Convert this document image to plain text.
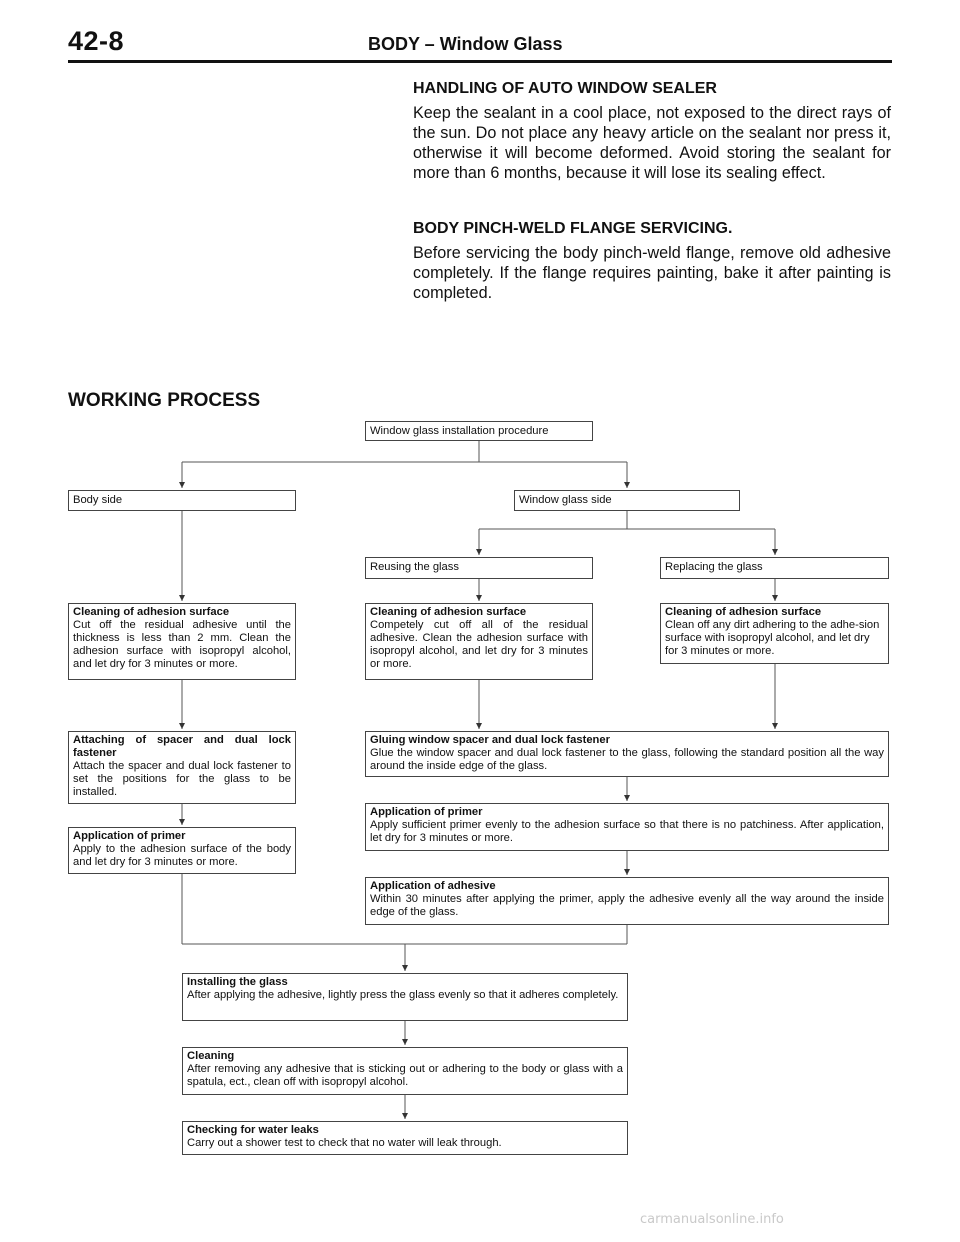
42-8	BODY – Window Glass
HANDLING OF AUTO WINDOW SEALER
Keep the sealant in a cool place, not exposed to the direct rays of the sun. Do not place any heavy article on the sealant nor press it, otherwise it will become deformed. Avoid storing the sealant for more than 6 months, because it will lose its sealing effect.
BODY PINCH-WELD FLANGE SERVICING.
Before servicing the body pinch-weld flange, remove old adhesive completely. If the flange requires painting, bake it after painting is completed.
WORKING PROCESS
Window glass installation procedure
Body side	Window glass side
Reusing the glass	Replacing the glass
Cleaning of adhesion surface
Cut off the residual adhesive until the thickness is less than 2 mm. Clean the adhesion surface with isopropyl alcohol, and let dry for 3 minutes or more.
Cleaning of adhesion surface
Competely cut off all of the residual adhesive. Clean the adhesion surface with isopropyl alcohol, and let dry for 3 minutes or more.
Cleaning of adhesion surface
Clean off any dirt adhering to the adhe-sion surface with isopropyl alcohol, and let dry for 3 minutes or more.
Attaching of spacer and dual lock fastener
Attach the spacer and dual lock fastener to set the positions for the glass to be installed.
Gluing window spacer and dual lock fastener
Glue the window spacer and dual lock fastener to the glass, following the standard position all the way around the inside edge of the glass.
Application of primer
Apply sufficient primer evenly to the adhesion surface so that there is no patchiness. After application, let dry for 3 minutes or more.
Application of primer
Apply to the adhesion surface of the body and let dry for 3 minutes or more.
Application of adhesive
Within 30 minutes after applying the primer, apply the adhesive evenly all the way around the inside edge of the glass.
Installing the glass
After applying the adhesive, lightly press the glass evenly so that it adheres completely.
Cleaning
After removing any adhesive that is sticking out or adhering to the body or glass with a spatula, ect., clean off with isopropyl alcohol.
Checking for water leaks
Carry out a shower test to check that no water will leak through.
carmanualsonline.info
